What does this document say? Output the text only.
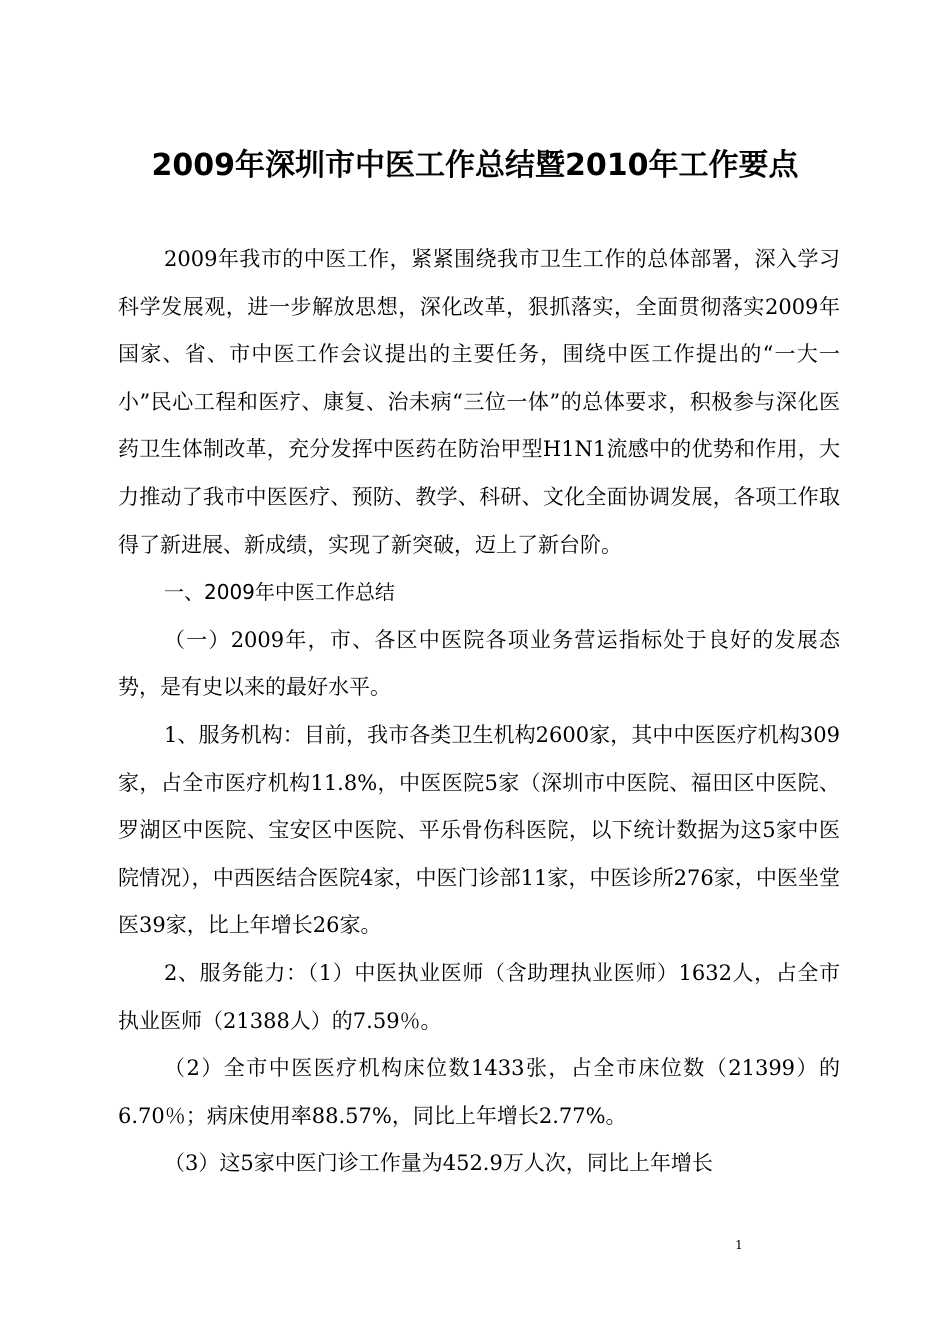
2009年深圳市中医工作总结暨2010年工作要点

2009年我市的中医工作，紧紧围绕我市卫生工作的总体部署，深入学习科学发展观，进一步解放思想，深化改革，狠抓落实，全面贯彻落实2009年国家、省、市中医工作会议提出的主要任务，围绕中医工作提出的“一大一小”民心工程和医疗、康复、治未病“三位一体”的总体要求，积极参与深化医药卫生体制改革，充分发挥中医药在防治甲型H1N1流感中的优势和作用，大力推动了我市中医医疗、预防、教学、科研、文化全面协调发展，各项工作取得了新进展、新成绩，实现了新突破，迈上了新台阶。

一、2009年中医工作总结

（一）2009年，市、各区中医院各项业务营运指标处于良好的发展态势，是有史以来的最好水平。

1、服务机构：目前，我市各类卫生机构2600家，其中中医医疗机构309家，占全市医疗机构11.8%，中医医院5家（深圳市中医院、福田区中医院、罗湖区中医院、宝安区中医院、平乐骨伤科医院，以下统计数据为这5家中医院情况），中西医结合医院4家，中医门诊部11家，中医诊所276家，中医坐堂医39家，比上年增长26家。

2、服务能力：（1）中医执业医师（含助理执业医师）1632人，占全市执业医师（21388人）的7.59％。

（2）全市中医医疗机构床位数1433张，占全市床位数（21399）的6.70％；病床使用率88.57%，同比上年增长2.77%。

（3）这5家中医门诊工作量为452.9万人次，同比上年增长

1
